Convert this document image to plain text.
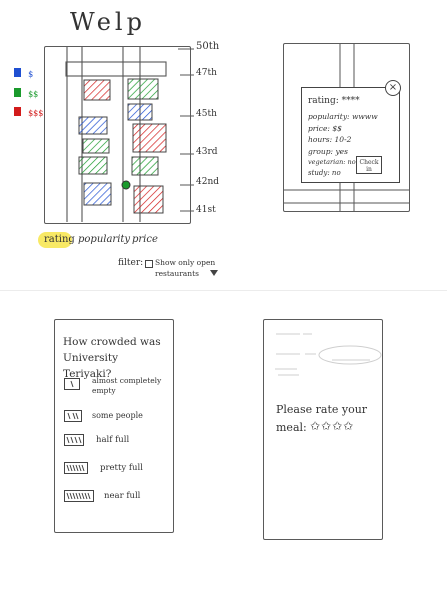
Welp
$
$$
$$$
50th
47th
45th
43rd
42nd
41st
rating popularity price
filter: Show only open restaurants
×
rating: ****
popularity: wwww
price: $$
hours: 10-2
group: yes
vegetarian: no
study: no
Check in
How crowded was University Teriyaki?
almost completely empty
some people
half full
pretty full
near full
Please rate your meal: ✩✩✩✩
